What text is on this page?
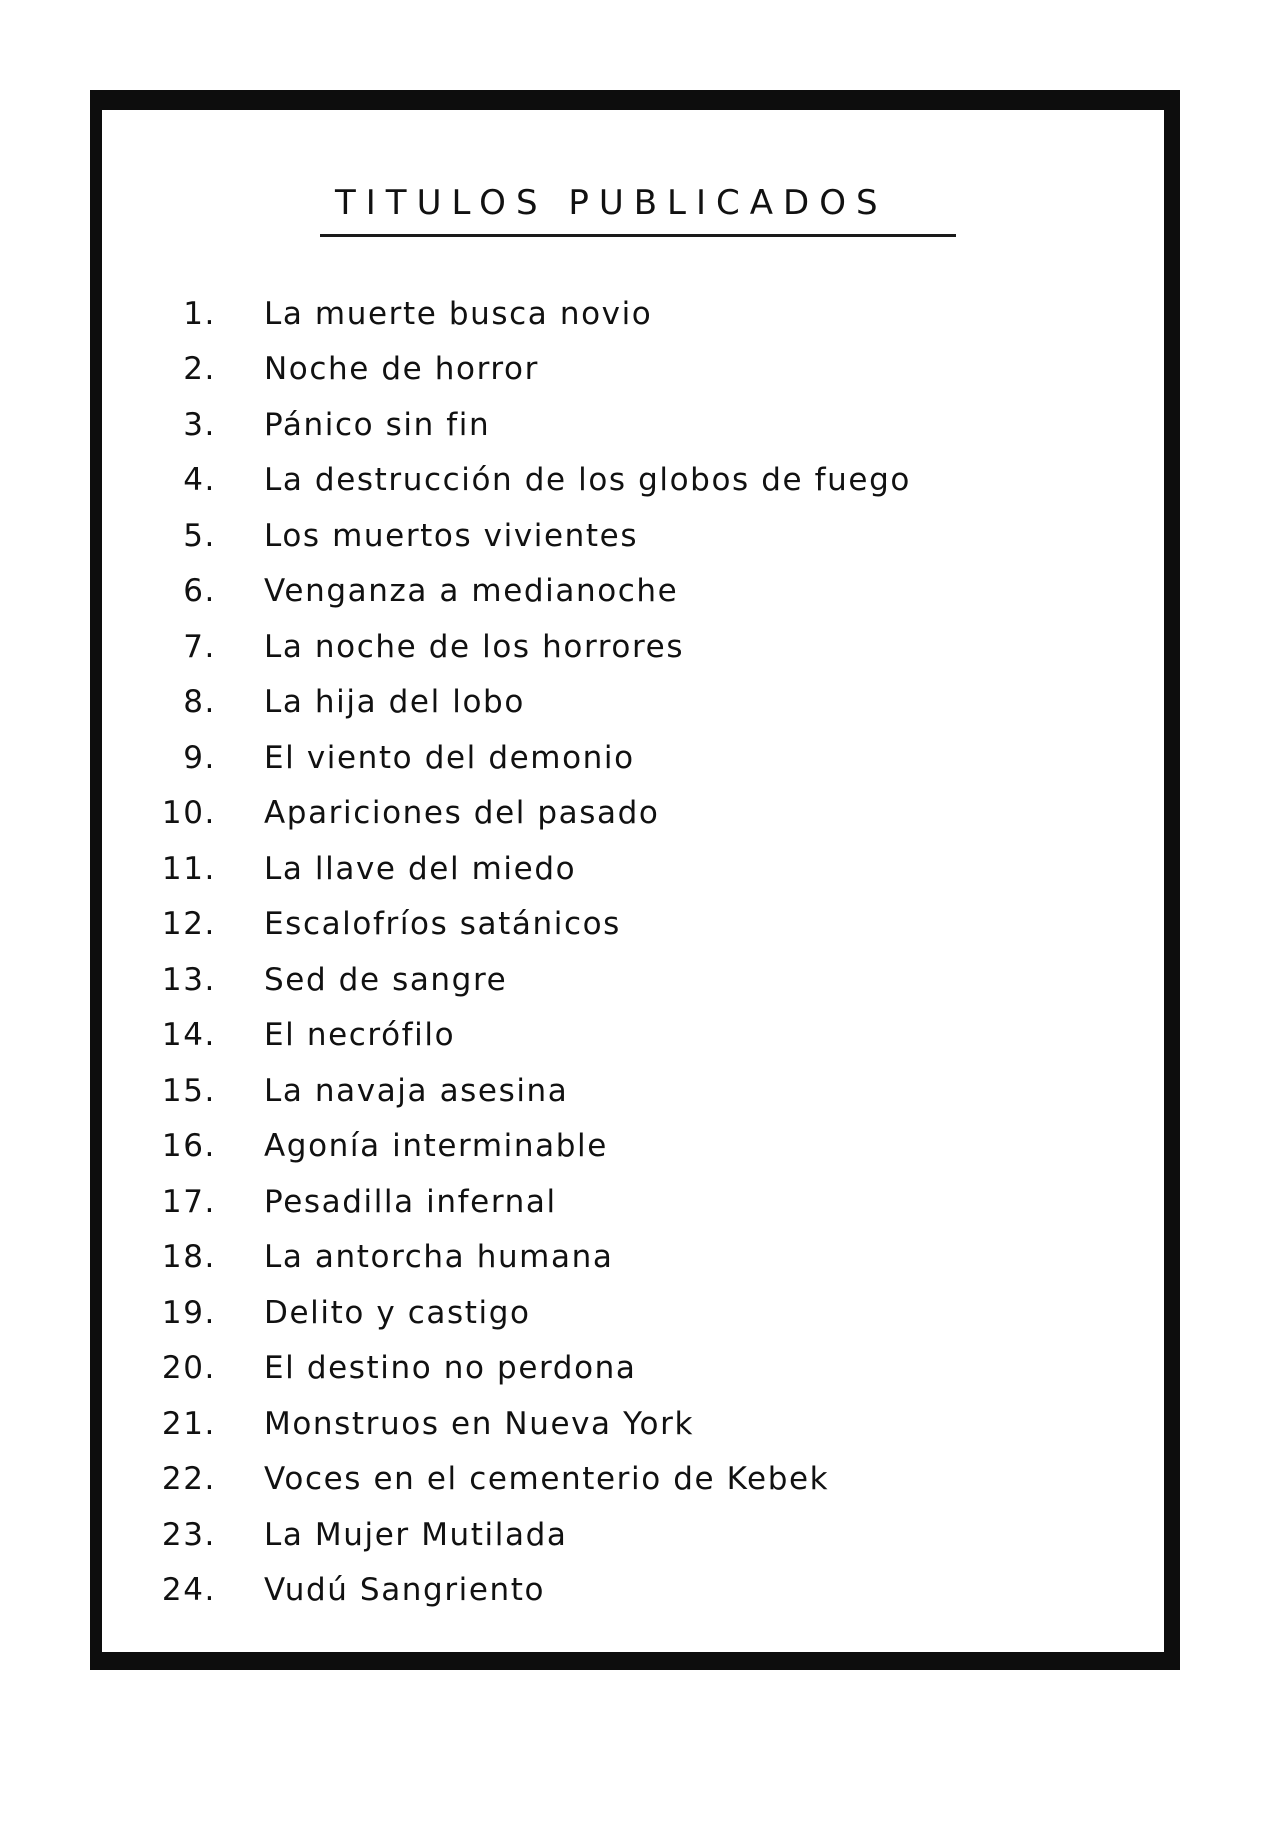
TITULOS PUBLICADOS
1. La muerte busca novio
2. Noche de horror
3. Pánico sin fin
4. La destrucción de los globos de fuego
5. Los muertos vivientes
6. Venganza a medianoche
7. La noche de los horrores
8. La hija del lobo
9. El viento del demonio
10. Apariciones del pasado
11. La llave del miedo
12. Escalofríos satánicos
13. Sed de sangre
14. El necrófilo
15. La navaja asesina
16. Agonía interminable
17. Pesadilla infernal
18. La antorcha humana
19. Delito y castigo
20. El destino no perdona
21. Monstruos en Nueva York
22. Voces en el cementerio de Kebek
23. La Mujer Mutilada
24. Vudú Sangriento
